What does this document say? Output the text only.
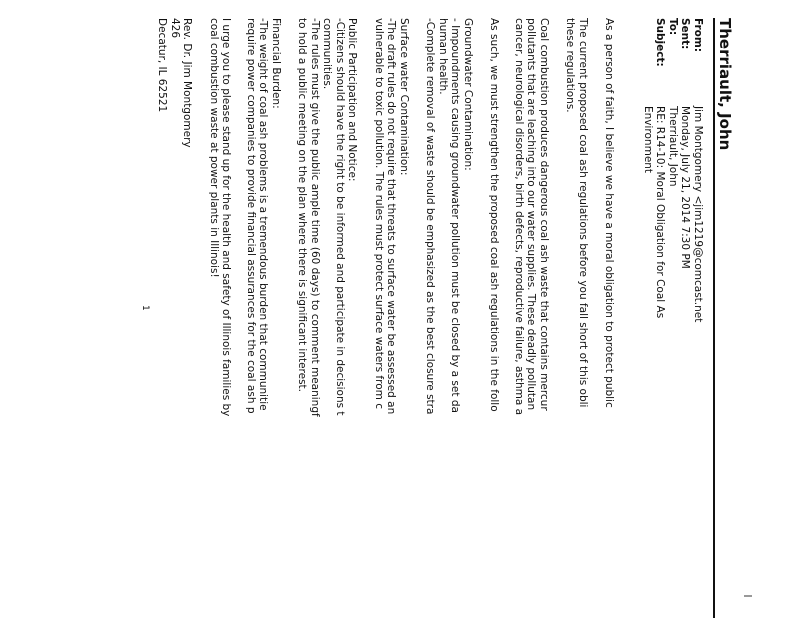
Therriault, John
From:
Jim Montgomery <jim1219@comcast.net
Sent:
Monday, July 21, 2014 7:30 PM
To:
Therriault, John
Subject:
RE: R14-10: Moral Obligation for Coal As
Environment
As a person of faith, I believe we have a moral obligation to protect public
The current proposed coal ash regulations before you fall short of this obli
these regulations.
Coal combustion produces dangerous coal ash waste that contains mercur
pollutants that are leaching into our water supplies. These deadly pollutan
cancer, neurological disorders, birth defects, reproductive failure, asthma a
As such, we must strengthen the proposed coal ash regulations in the follo
Groundwater Contamination:
- Impoundments causing groundwater pollution must be closed by a set da
human health.
-Complete removal of waste should be emphasized as the best closure stra
Surface water Contamination:
-The draft rules do not require that threats to surface water be assessed an
vulnerable to toxic pollution. The rules must protect surface waters from c
Public Participation and Notice:
-Citizens should have the right to be informed and participate in decisions t
communities.
-The rules must give the public ample time (60 days) to comment meaningf
to hold a public meeting on the plan where there is significant interest.
Financial Burden:
-The weight of coal ash problems is a tremendous burden that communitie
require power companies to provide financial assurances for the coal ash p
I urge you to please stand up for the health and safety of Illinois families by
coal combustion waste at power plants in Illinois!
Rev. Dr. Jim Montgomery
426
Decatur, IL 62521
1
